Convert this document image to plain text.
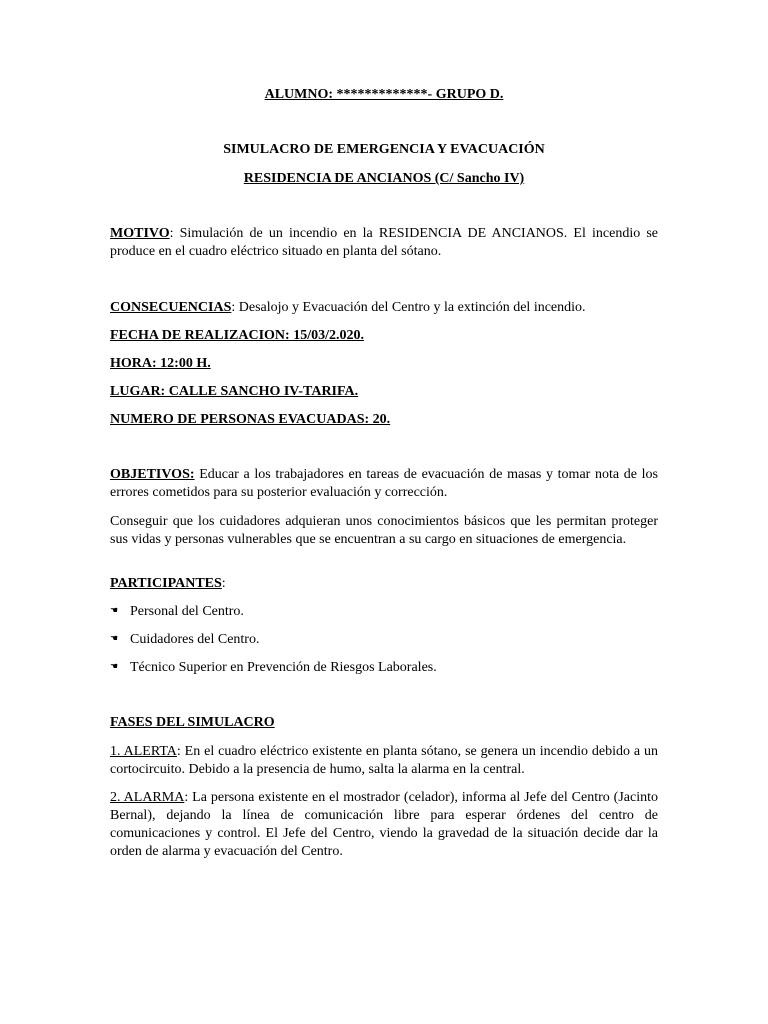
ALUMNO: *************- GRUPO D.
SIMULACRO DE EMERGENCIA Y EVACUACIÓN
RESIDENCIA DE ANCIANOS (C/ Sancho IV)
MOTIVO: Simulación de un incendio en la RESIDENCIA DE ANCIANOS. El incendio se produce en el cuadro eléctrico situado en planta del sótano.
CONSECUENCIAS: Desalojo y Evacuación del Centro y la extinción del incendio.
FECHA DE REALIZACION: 15/03/2.020.
HORA: 12:00 H.
LUGAR: CALLE SANCHO IV-TARIFA.
NUMERO DE PERSONAS EVACUADAS: 20.
OBJETIVOS: Educar a los trabajadores en tareas de evacuación de masas y tomar nota de los errores cometidos para su posterior evaluación y corrección.
Conseguir que los cuidadores adquieran unos conocimientos básicos que les permitan proteger sus vidas y personas vulnerables que se encuentran a su cargo en situaciones de emergencia.
PARTICIPANTES:
☚ Personal del Centro.
☚ Cuidadores del Centro.
☚ Técnico Superior en Prevención de Riesgos Laborales.
FASES DEL SIMULACRO
1. ALERTA: En el cuadro eléctrico existente en planta sótano, se genera un incendio debido a un cortocircuito. Debido a la presencia de humo, salta la alarma en la central.
2. ALARMA: La persona existente en el mostrador (celador), informa al Jefe del Centro (Jacinto Bernal), dejando la línea de comunicación libre para esperar órdenes del centro de comunicaciones y control. El Jefe del Centro, viendo la gravedad de la situación decide dar la orden de alarma y evacuación del Centro.
